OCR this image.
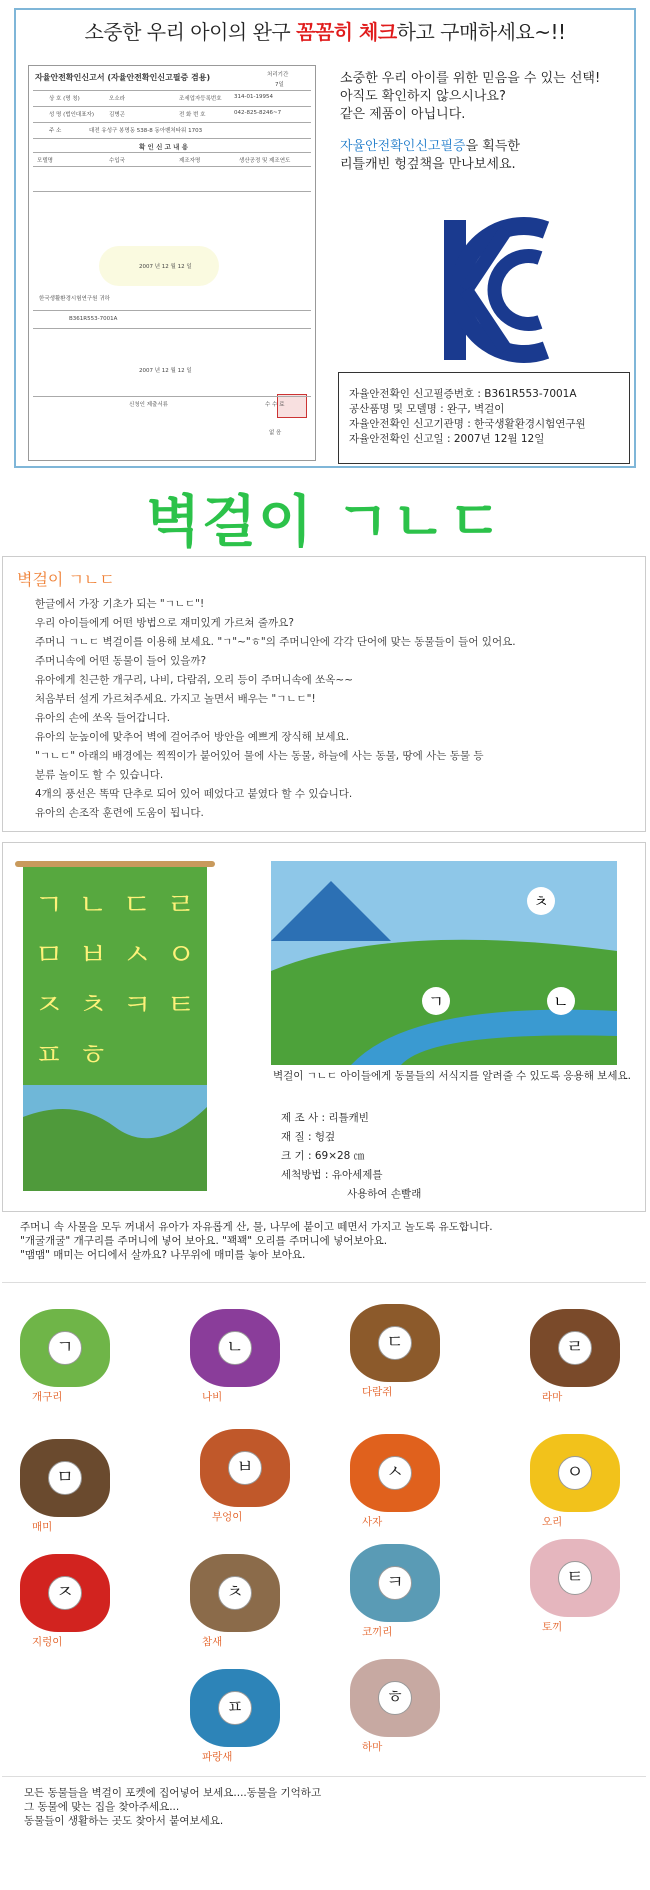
소중한 우리 아이의 완구 꼼꼼히 체크하고 구매하세요~!!
자율안전확인신고서 (자율안전확인신고필증 겸용)	처리기간
7일
상 호 (명 칭)	오소라	조세업자등록번호 314-01-19954
성 명 (법인대표자)	김병곤	전 화 번 호	042-825-8246~7
주 소	대전 유성구 봉명동 538-8 동아벤처타워 1703
확 인 신 고 내 용
모델명	수입국	제조자명	생산공정 및 제조연도
2007 년 12 월 12 일
한국생활환경시험연구원 귀하
B361R553-7001A
2007 년 12 월 12 일
신청인 제출서류	수 수 료
없 음
소중한 우리 아이를 위한 믿음을 수 있는 선택!
아직도 확인하지 않으시나요?
같은 제품이 아닙니다.
자율안전확인신고필증을 획득한
리틀캐빈 헝겊책을 만나보세요.
자율안전확인 신고필증번호 : B361R553-7001A
공산품명 및 모델명 : 완구, 벽걸이
자율안전확인 신고기관명 : 한국생활환경시험연구원
자율안전확인 신고일 : 2007년 12월 12일
벽걸이 ㄱㄴㄷ
벽걸이 ㄱㄴㄷ
한글에서 가장 기초가 되는 "ㄱㄴㄷ"!
우리 아이들에게 어떤 방법으로 재미있게 가르쳐 줄까요?
주머니 ㄱㄴㄷ 벽걸이를 이용해 보세요. "ㄱ"~"ㅎ"의 주머니안에 각각 단어에 맞는 동물들이 들어 있어요.
주머니속에 어떤 동물이 들어 있을까?
유아에게 친근한 개구리, 나비, 다람쥐, 오리 등이 주머니속에 쏘옥~~
처음부터 설게 가르쳐주세요. 가지고 놀면서 배우는 "ㄱㄴㄷ"!
유아의 손에 쏘옥 들어갑니다.
유아의 눈높이에 맞추어 벽에 걸어주어 방안을 예쁘게 장식해 보세요.
"ㄱㄴㄷ" 아래의 배경에는 찍찍이가 붙어있어 물에 사는 동물, 하늘에 사는 동물, 땅에 사는 동물 등
분류 놀이도 할 수 있습니다.
4개의 풍선은 똑딱 단추로 되어 있어 떼었다고 붙였다 할 수 있습니다.
유아의 손조작 훈련에 도움이 됩니다.
ㄱ ㄴ ㄷ ㄹ
ㅁ ㅂ ㅅ ㅇ
ㅈ ㅊ ㅋ ㅌ
ㅍ ㅎ
ㅊ
ㄱ	ㄴ
벽걸이 ㄱㄴㄷ 아이들에게 동물들의 서식지를 알려줄 수 있도록 응용해 보세요.
제 조 사 : 리틀캐빈
재 질 : 헝겊
크 기 : 69×28 ㎝
세척방법 : 유아세제를
사용하여 손빨래
주머니 속 사물을 모두 꺼내서 유아가 자유롭게 산, 물, 나무에 붙이고 떼면서 가지고 놀도록 유도합니다.
"개굴개굴" 개구리를 주머니에 넣어 보아요. "꽥꽥" 오리를 주머니에 넣어보아요.
"맴맴" 매미는 어디에서 살까요? 나무위에 매미를 놓아 보아요.
ㄱ
개구리
ㄴ
나비
ㄷ
다람쥐
ㄹ
라마
ㅁ
매미
ㅂ
부엉이
ㅅ
사자
ㅇ
오리
ㅈ
지렁이
ㅊ
참새
ㅋ
코끼리
ㅌ
토끼
ㅍ
파랑새
ㅎ
하마
모든 동물들을 벽걸이 포켓에 집어넣어 보세요....동물을 기억하고
그 동물에 맞는 집을 찾아주세요...
동물들이 생활하는 곳도 찾아서 붙여보세요.
